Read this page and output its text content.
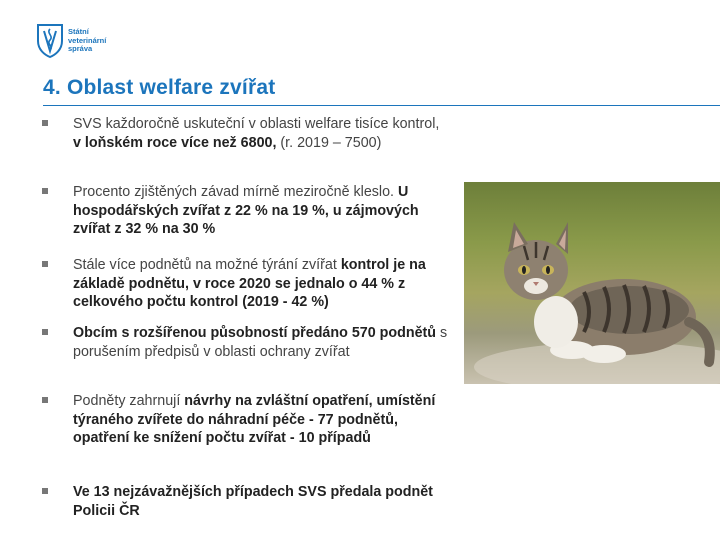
Státní
veterinární
správa
4. Oblast welfare zvířat
SVS každoročně uskuteční v oblasti welfare tisíce kontrol, v loňském roce více než 6800, (r. 2019 – 7500)
Procento zjištěných závad mírně meziročně kleslo. U hospodářských zvířat z 22 % na 19 %, u zájmových zvířat z 32 % na 30 %
Stále více podnětů na možné týrání zvířat kontrol je na základě podnětu, v roce 2020 se jednalo o 44 % z celkového počtu kontrol (2019 - 42 %)
Obcím s rozšířenou působností předáno 570 podnětů s porušením předpisů v oblasti ochrany zvířat
Podněty zahrnují návrhy na zvláštní opatření, umístění týraného zvířete do náhradní péče - 77 podnětů, opatření ke snížení počtu zvířat - 10 případů
Ve 13 nejzávažnějších případech SVS předala podnět Policii ČR
